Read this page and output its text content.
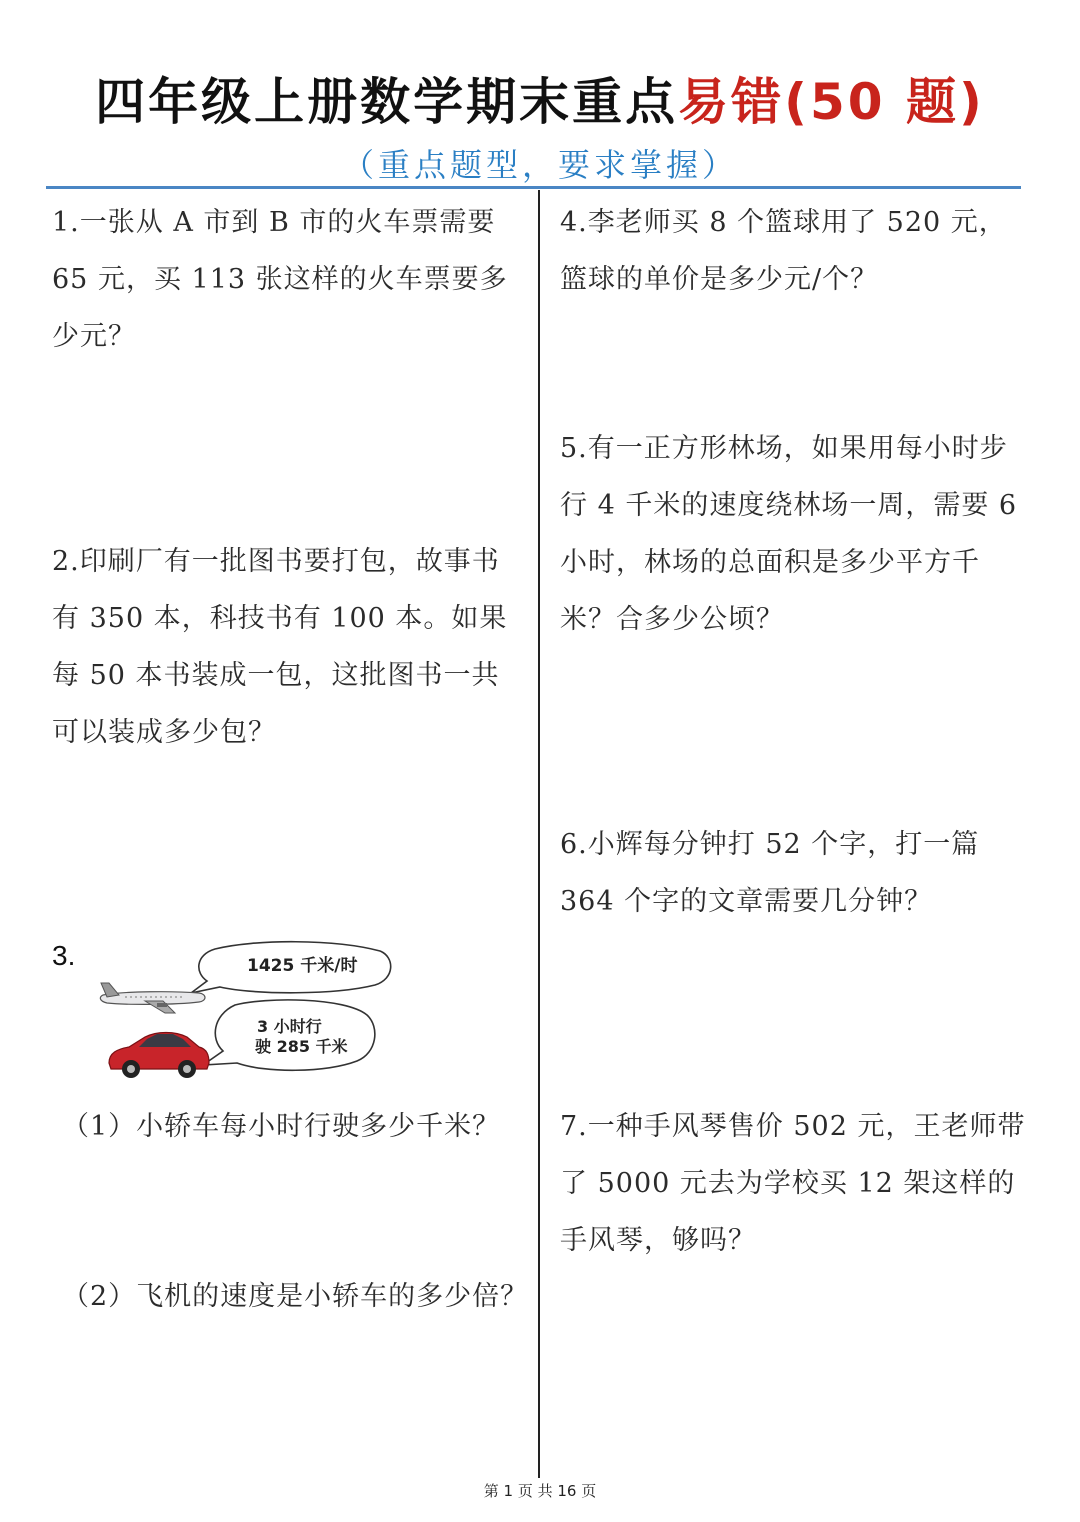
四年级上册数学期末重点易错(50 题)
（重点题型，要求掌握）
1.一张从 A 市到 B 市的火车票需要 65 元，买 113 张这样的火车票要多少元？
2.印刷厂有一批图书要打包，故事书有 350 本，科技书有 100 本。如果每 50 本书装成一包，这批图书一共可以装成多少包？
3.	1425 千米/时
3 小时行
驶 285 千米
（1）小轿车每小时行驶多少千米？
（2）飞机的速度是小轿车的多少倍？
4.李老师买 8 个篮球用了 520 元，篮球的单价是多少元/个？
5.有一正方形林场，如果用每小时步行 4 千米的速度绕林场一周，需要 6 小时，林场的总面积是多少平方千米？合多少公顷？
6.小辉每分钟打 52 个字，打一篇 364 个字的文章需要几分钟？
7.一种手风琴售价 502 元，王老师带了 5000 元去为学校买 12 架这样的手风琴，够吗？
第 1 页 共 16 页
